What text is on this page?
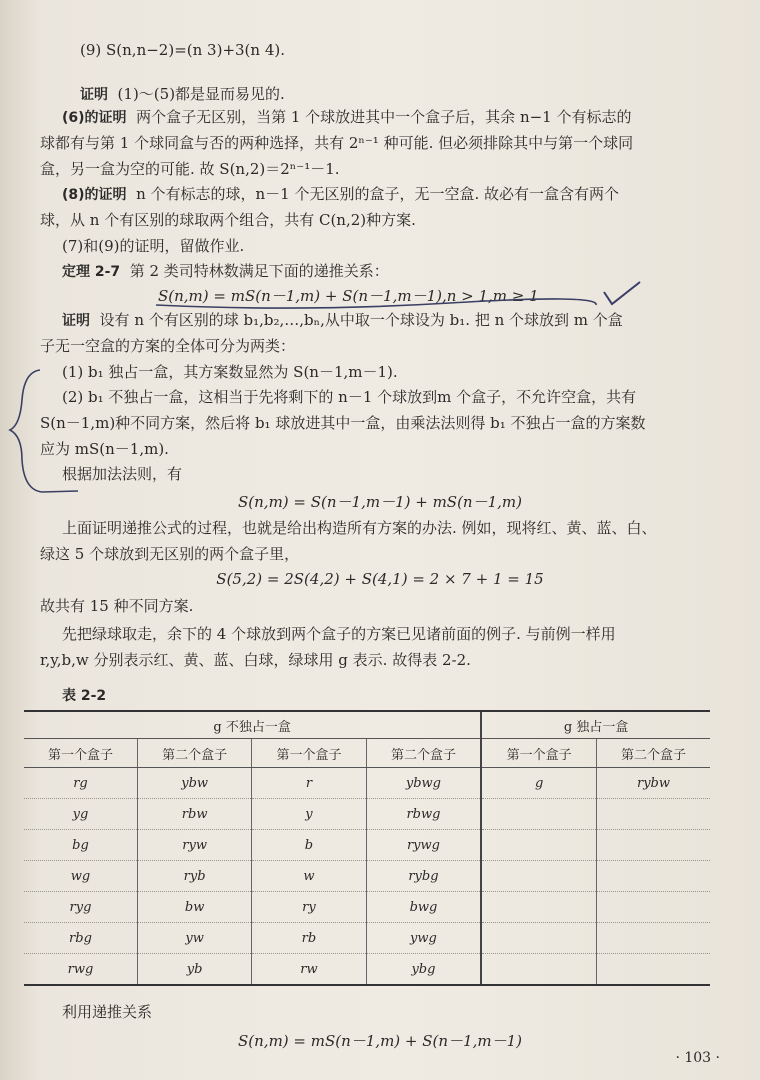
(9) S(n,n−2)=(n 3)+3(n 4).
证明 (1)～(5)都是显而易见的.
(6)的证明 两个盒子无区别，当第 1 个球放进其中一个盒子后，其余 n−1 个有标志的
球都有与第 1 个球同盒与否的两种选择，共有 2ⁿ⁻¹ 种可能. 但必须排除其中与第一个球同
盒，另一盒为空的可能. 故 S(n,2)＝2ⁿ⁻¹－1.
(8)的证明 n 个有标志的球，n－1 个无区别的盒子，无一空盒. 故必有一盒含有两个
球，从 n 个有区别的球取两个组合，共有 C(n,2)种方案.
(7)和(9)的证明，留做作业.
定理 2-7 第 2 类司特林数满足下面的递推关系：
S(n,m) = mS(n－1,m) + S(n－1,m－1),n > 1,m ≥ 1
证明 设有 n 个有区别的球 b₁,b₂,…,bₙ,从中取一个球设为 b₁. 把 n 个球放到 m 个盒
子无一空盒的方案的全体可分为两类：
(1) b₁ 独占一盒，其方案数显然为 S(n－1,m－1).
(2) b₁ 不独占一盒，这相当于先将剩下的 n－1 个球放到m 个盒子，不允许空盒，共有
S(n－1,m)种不同方案，然后将 b₁ 球放进其中一盒，由乘法法则得 b₁ 不独占一盒的方案数
应为 mS(n－1,m).
根据加法法则，有
S(n,m) = S(n－1,m－1) + mS(n－1,m)
上面证明递推公式的过程，也就是给出构造所有方案的办法. 例如，现将红、黄、蓝、白、
绿这 5 个球放到无区别的两个盒子里，
S(5,2) = 2S(4,2) + S(4,1) = 2 × 7 + 1 = 15
故共有 15 种不同方案.
先把绿球取走，余下的 4 个球放到两个盒子的方案已见诸前面的例子. 与前例一样用
r,y,b,w 分别表示红、黄、蓝、白球，绿球用 g 表示. 故得表 2-2.
表 2-2
g 不独占一盒				g 独占一盒	
第一个盒子	第二个盒子	第一个盒子	第二个盒子	第一个盒子	第二个盒子
rg	ybw	r	ybwg	g	rybw
yg	rbw	y	rbwg		
bg	ryw	b	rywg		
wg	ryb	w	rybg		
ryg	bw	ry	bwg		
rbg	yw	rb	ywg		
rwg	yb	rw	ybg		
利用递推关系
S(n,m) = mS(n－1,m) + S(n－1,m－1)
· 103 ·
